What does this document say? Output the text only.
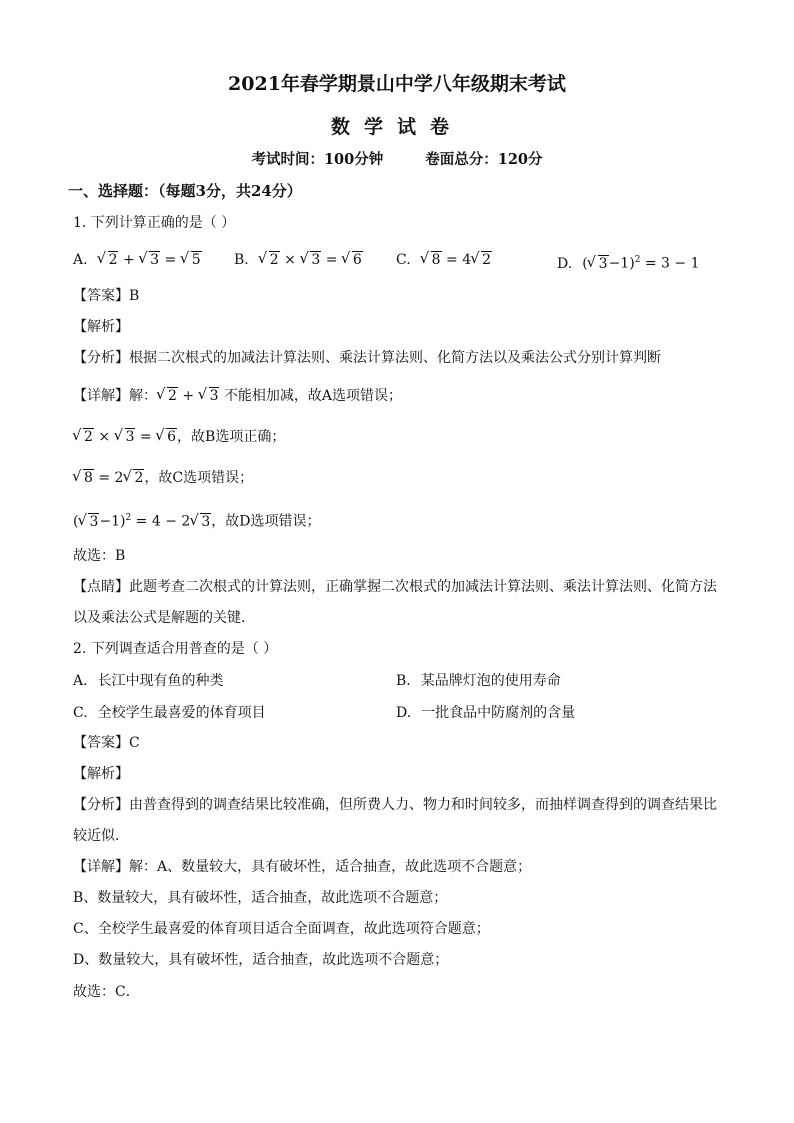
2021年春学期景山中学八年级期末考试
数学试卷
考试时间：100分钟	卷面总分：120分
一、选择题：（每题3分，共24分）
1. 下列计算正确的是（ ）
A. √ 2 + √ 3 = √ 5 B. √ 2 × √ 3 = √ 6 C. √ 8 = 4 √ 2	D. ( √ 3−1)$^2$ = 3 − 1
【答案】B
【解析】
【分析】根据二次根式的加减法计算法则、乘法计算法则、化简方法以及乘法公式分别计算判断
【详解】解： √ 2 + √ 3 不能相加减，故A选项错误；
√ 2 × √ 3 = √ 6，故B选项正确；
√ 8 = 2 √ 2，故C选项错误；
( √ 3−1)$^2$ = 4 − 2 √ 3，故D选项错误；
故选：B
【点睛】此题考查二次根式的计算法则，正确掌握二次根式的加减法计算法则、乘法计算法则、化简方法
以及乘法公式是解题的关键．
2. 下列调查适合用普查的是（ ）
A. 长江中现有鱼的种类	B. 某品牌灯泡的使用寿命
C. 全校学生最喜爱的体育项目	D. 一批食品中防腐剂的含量
【答案】C
【解析】
【分析】由普查得到的调查结果比较准确，但所费人力、物力和时间较多，而抽样调查得到的调查结果比
较近似．
【详解】解：A、数量较大，具有破坏性，适合抽查，故此选项不合题意；
B、数量较大，具有破坏性，适合抽查，故此选项不合题意；
C、全校学生最喜爱的体育项目适合全面调查，故此选项符合题意；
D、数量较大，具有破坏性，适合抽查，故此选项不合题意；
故选：C．
